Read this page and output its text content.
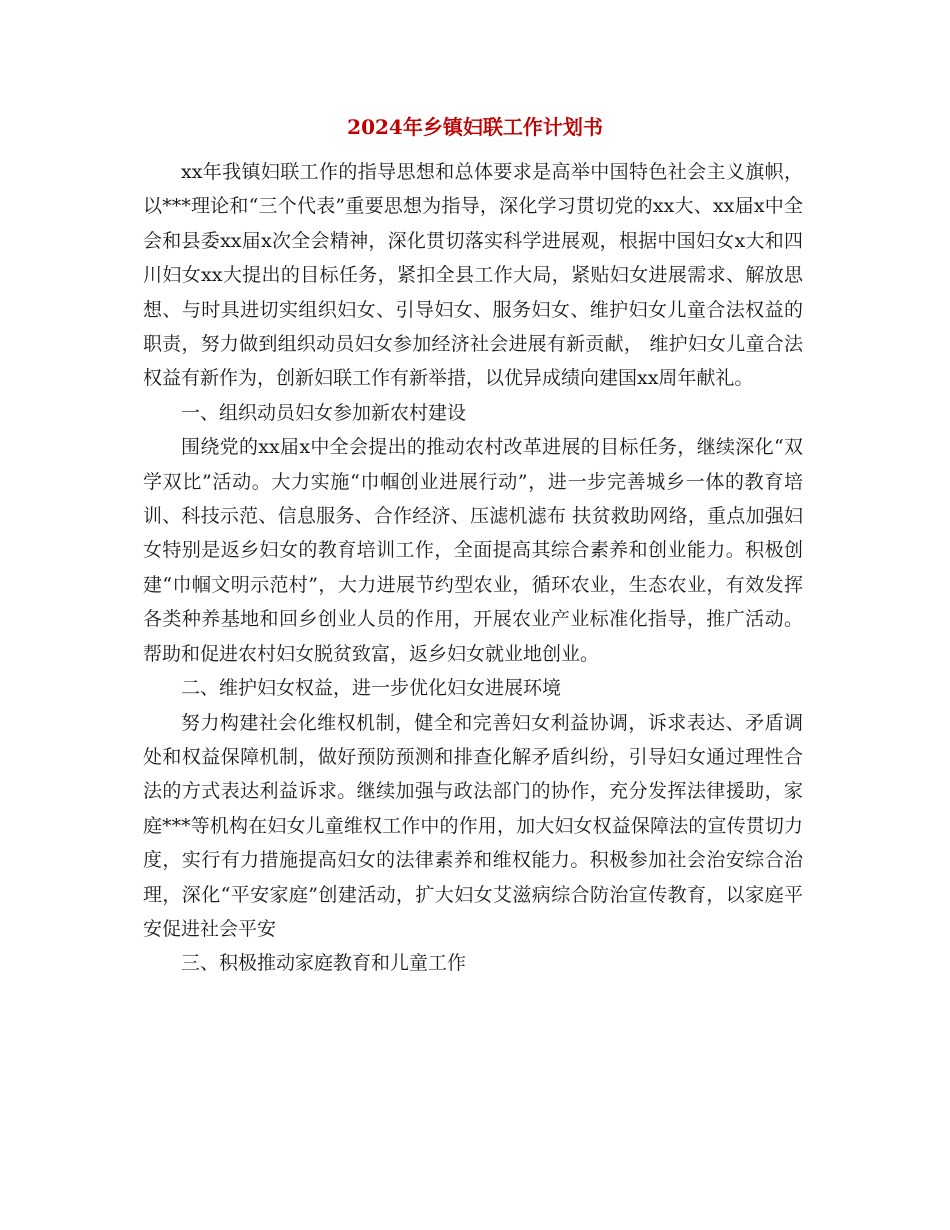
2024年乡镇妇联工作计划书

xx年我镇妇联工作的指导思想和总体要求是高举中国特色社会主义旗帜，以***理论和“三个代表”重要思想为指导，深化学习贯切党的xx大、xx届x中全会和县委xx届x次全会精神，深化贯切落实科学进展观，根据中国妇女x大和四川妇女xx大提出的目标任务，紧扣全县工作大局，紧贴妇女进展需求、解放思想、与时具进切实组织妇女、引导妇女、服务妇女、维护妇女儿童合法权益的职责，努力做到组织动员妇女参加经济社会进展有新贡献， 维护妇女儿童合法权益有新作为，创新妇联工作有新举措，以优异成绩向建国xx周年献礼。

一、组织动员妇女参加新农村建设

围绕党的xx届x中全会提出的推动农村改革进展的目标任务，继续深化“双学双比”活动。大力实施“巾帼创业进展行动”，进一步完善城乡一体的教育培训、科技示范、信息服务、合作经济、压滤机滤布 扶贫救助网络，重点加强妇女特别是返乡妇女的教育培训工作，全面提高其综合素养和创业能力。积极创建“巾帼文明示范村”，大力进展节约型农业，循环农业，生态农业，有效发挥各类种养基地和回乡创业人员的作用，开展农业产业标准化指导，推广活动。帮助和促进农村妇女脱贫致富，返乡妇女就业地创业。

二、维护妇女权益，进一步优化妇女进展环境

努力构建社会化维权机制，健全和完善妇女利益协调，诉求表达、矛盾调处和权益保障机制，做好预防预测和排查化解矛盾纠纷，引导妇女通过理性合法的方式表达利益诉求。继续加强与政法部门的协作，充分发挥法律援助，家庭***等机构在妇女儿童维权工作中的作用，加大妇女权益保障法的宣传贯切力度，实行有力措施提高妇女的法律素养和维权能力。积极参加社会治安综合治理，深化“平安家庭”创建活动，扩大妇女艾滋病综合防治宣传教育，以家庭平安促进社会平安

三、积极推动家庭教育和儿童工作
